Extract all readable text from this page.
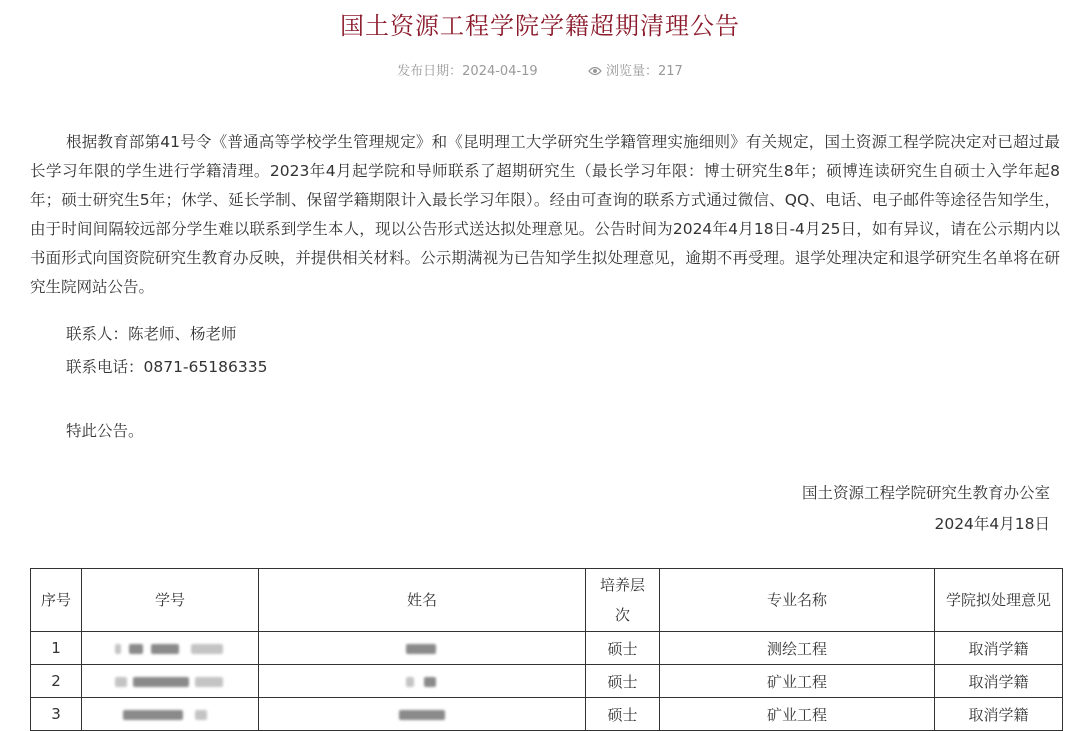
国土资源工程学院学籍超期清理公告
发布日期：2024-04-19	浏览量：217

根据教育部第41号令《普通高等学校学生管理规定》和《昆明理工大学研究生学籍管理实施细则》有关规定，国土资源工程学院决定对已超过最长学习年限的学生进行学籍清理。2023年4月起学院和导师联系了超期研究生（最长学习年限：博士研究生8年；硕博连读研究生自硕士入学年起8年；硕士研究生5年；休学、延长学制、保留学籍期限计入最长学习年限）。经由可查询的联系方式通过微信、QQ、电话、电子邮件等途径告知学生，由于时间间隔较远部分学生难以联系到学生本人，现以公告形式送达拟处理意见。公告时间为2024年4月18日-4月25日，如有异议，请在公示期内以书面形式向国资院研究生教育办反映，并提供相关材料。公示期满视为已告知学生拟处理意见，逾期不再受理。退学处理决定和退学研究生名单将在研究生院网站公告。

联系人：陈老师、杨老师
联系电话：0871-65186335
特此公告。
国土资源工程学院研究生教育办公室
2024年4月18日
序号	学号	姓名	培养层次	专业名称	学院拟处理意见
1			硕士	测绘工程	取消学籍
2			硕士	矿业工程	取消学籍
3			硕士	矿业工程	取消学籍
